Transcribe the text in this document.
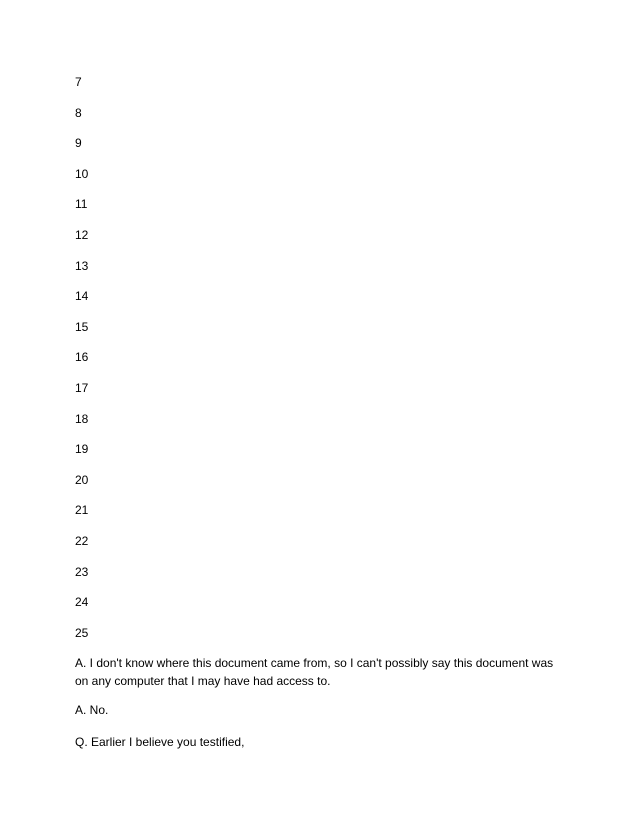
7
8
9
10
11
12
13
14
15
16
17
18
19
20
21
22
23
24
25

A. I don't know where this document came from, so I can't possibly say this document was on any computer that I may have had access to.

A. No.

Q. Earlier I believe you testified,
